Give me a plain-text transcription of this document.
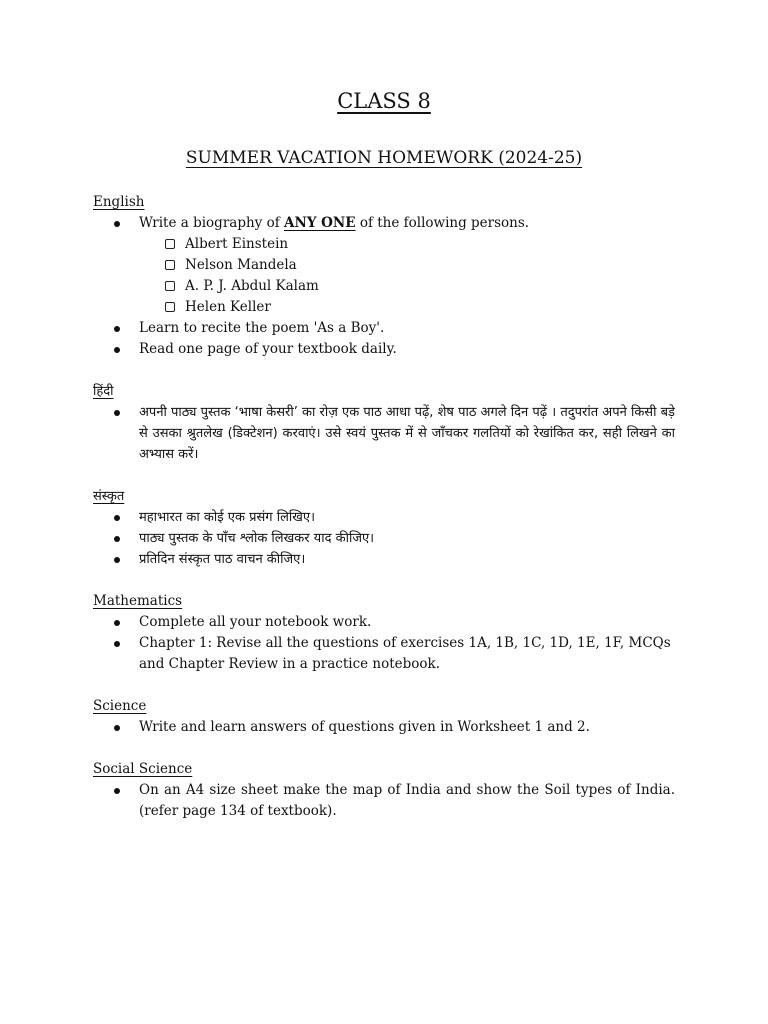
CLASS 8
SUMMER VACATION HOMEWORK (2024-25)
English
Write a biography of ANY ONE of the following persons.
Albert Einstein
Nelson Mandela
A. P. J. Abdul Kalam
Helen Keller
Learn to recite the poem 'As a Boy'.
Read one page of your textbook daily.
हिंदी
अपनी पाठ्य पुस्तक ‘भाषा केसरी’ का रोज़ एक पाठ आधा पढ़ें, शेष पाठ अगले दिन पढ़ें । तदुपरांत अपने किसी बड़े से उसका श्रुतलेख (डिक्टेशन) करवाएं। उसे स्वयं पुस्तक में से जाँचकर गलतियों को रेखांकित कर, सही लिखने का अभ्यास करें।
संस्कृत
महाभारत का कोई एक प्रसंग लिखिए।
पाठ्य पुस्तक के पाँच श्लोक लिखकर याद कीजिए।
प्रतिदिन संस्कृत पाठ वाचन कीजिए।
Mathematics
Complete all your notebook work.
Chapter 1: Revise all the questions of exercises 1A, 1B, 1C, 1D, 1E, 1F, MCQs and Chapter Review in a practice notebook.
Science
Write and learn answers of questions given in Worksheet 1 and 2.
Social Science
On an A4 size sheet make the map of India and show the Soil types of India. (refer page 134 of textbook).
